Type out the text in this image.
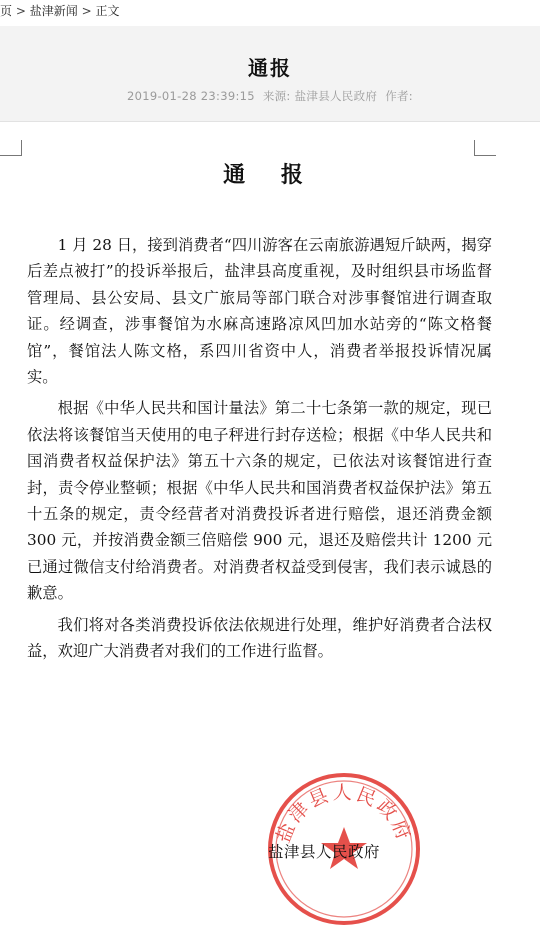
页 > 盐津新闻 > 正文
通报
2019-01-28 23:39:15 来源: 盐津县人民政府 作者:
通 报

1 月 28 日，接到消费者“四川游客在云南旅游遇短斤缺两，揭穿后差点被打”的投诉举报后，盐津县高度重视，及时组织县市场监督管理局、县公安局、县文广旅局等部门联合对涉事餐馆进行调查取证。经调查，涉事餐馆为水麻高速路凉风凹加水站旁的“陈文格餐馆”，餐馆法人陈文格，系四川省资中人，消费者举报投诉情况属实。

根据《中华人民共和国计量法》第二十七条第一款的规定，现已依法将该餐馆当天使用的电子秤进行封存送检；根据《中华人民共和国消费者权益保护法》第五十六条的规定，已依法对该餐馆进行查封，责令停业整顿；根据《中华人民共和国消费者权益保护法》第五十五条的规定，责令经营者对消费投诉者进行赔偿，退还消费金额 300 元，并按消费金额三倍赔偿 900 元，退还及赔偿共计 1200 元已通过微信支付给消费者。对消费者权益受到侵害，我们表示诚恳的歉意。

我们将对各类消费投诉依法依规进行处理，维护好消费者合法权益，欢迎广大消费者对我们的工作进行监督。

盐津县人民政府
盐津县人民政府
